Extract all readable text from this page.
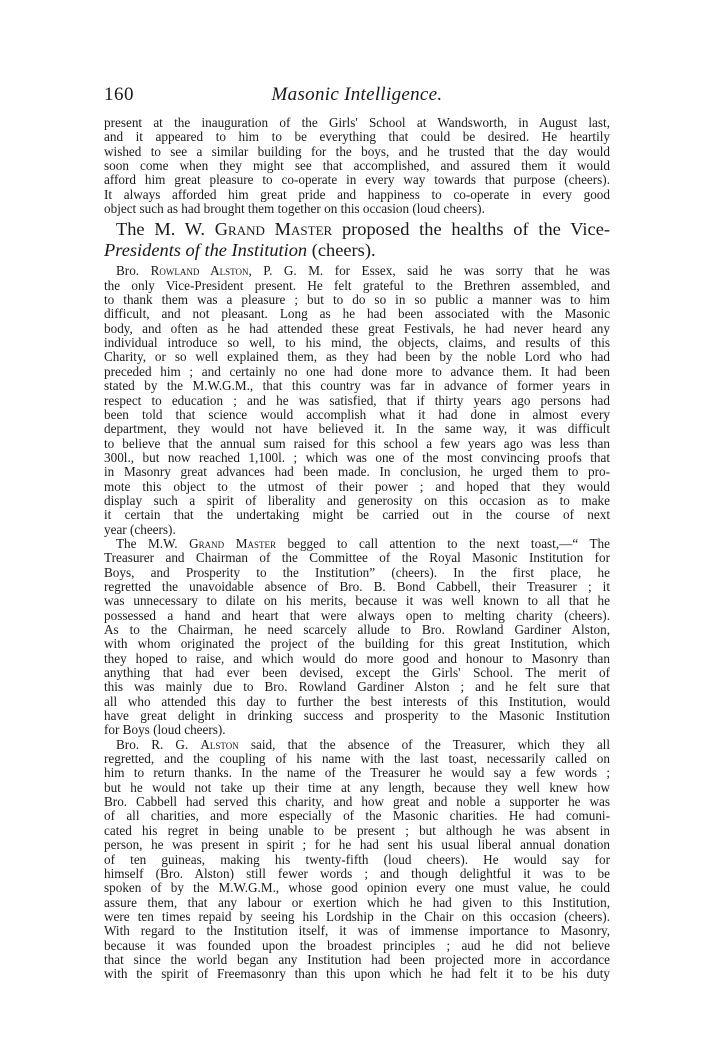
160	Masonic Intelligence.
present at the inauguration of the Girls' School at Wandsworth, in August last,
and it appeared to him to be everything that could be desired. He heartily
wished to see a similar building for the boys, and he trusted that the day would
soon come when they might see that accomplished, and assured them it would
afford him great pleasure to co-operate in every way towards that purpose (cheers).
It always afforded him great pride and happiness to co-operate in every good
object such as had brought them together on this occasion (loud cheers).
The M. W. Grand Master proposed the healths of the Vice-
Presidents of the Institution (cheers).
Bro. Rowland Alston, P. G. M. for Essex, said he was sorry that he was
the only Vice-President present. He felt grateful to the Brethren assembled, and
to thank them was a pleasure ; but to do so in so public a manner was to him
difficult, and not pleasant. Long as he had been associated with the Masonic
body, and often as he had attended these great Festivals, he had never heard any
individual introduce so well, to his mind, the objects, claims, and results of this
Charity, or so well explained them, as they had been by the noble Lord who had
preceded him ; and certainly no one had done more to advance them. It had been
stated by the M.W.G.M., that this country was far in advance of former years in
respect to education ; and he was satisfied, that if thirty years ago persons had
been told that science would accomplish what it had done in almost every
department, they would not have believed it. In the same way, it was difficult
to believe that the annual sum raised for this school a few years ago was less than
300l., but now reached 1,100l. ; which was one of the most convincing proofs that
in Masonry great advances had been made. In conclusion, he urged them to pro-
mote this object to the utmost of their power ; and hoped that they would
display such a spirit of liberality and generosity on this occasion as to make
it certain that the undertaking might be carried out in the course of next
year (cheers).
The M.W. Grand Master begged to call attention to the next toast,—“ The
Treasurer and Chairman of the Committee of the Royal Masonic Institution for
Boys, and Prosperity to the Institution” (cheers). In the first place, he
regretted the unavoidable absence of Bro. B. Bond Cabbell, their Treasurer ; it
was unnecessary to dilate on his merits, because it was well known to all that he
possessed a hand and heart that were always open to melting charity (cheers).
As to the Chairman, he need scarcely allude to Bro. Rowland Gardiner Alston,
with whom originated the project of the building for this great Institution, which
they hoped to raise, and which would do more good and honour to Masonry than
anything that had ever been devised, except the Girls' School. The merit of
this was mainly due to Bro. Rowland Gardiner Alston ; and he felt sure that
all who attended this day to further the best interests of this Institution, would
have great delight in drinking success and prosperity to the Masonic Institution
for Boys (loud cheers).
Bro. R. G. Alston said, that the absence of the Treasurer, which they all
regretted, and the coupling of his name with the last toast, necessarily called on
him to return thanks. In the name of the Treasurer he would say a few words ;
but he would not take up their time at any length, because they well knew how
Bro. Cabbell had served this charity, and how great and noble a supporter he was
of all charities, and more especially of the Masonic charities. He had comuni-
cated his regret in being unable to be present ; but although he was absent in
person, he was present in spirit ; for he had sent his usual liberal annual donation
of ten guineas, making his twenty-fifth (loud cheers). He would say for
himself (Bro. Alston) still fewer words ; and though delightful it was to be
spoken of by the M.W.G.M., whose good opinion every one must value, he could
assure them, that any labour or exertion which he had given to this Institution,
were ten times repaid by seeing his Lordship in the Chair on this occasion (cheers).
With regard to the Institution itself, it was of immense importance to Masonry,
because it was founded upon the broadest principles ; aud he did not believe
that since the world began any Institution had been projected more in accordance
with the spirit of Freemasonry than this upon which he had felt it to be his duty
